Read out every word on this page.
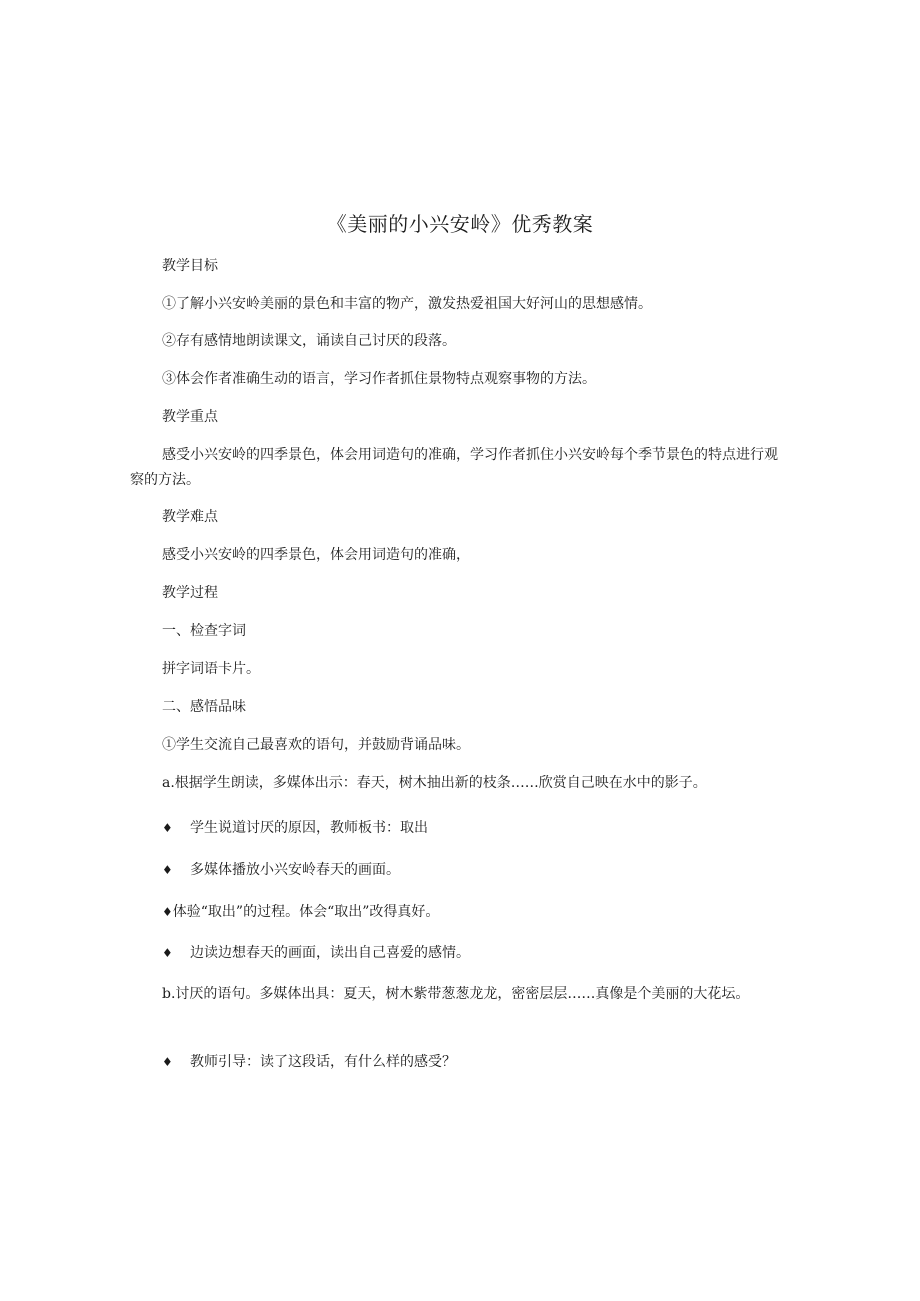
《美丽的小兴安岭》优秀教案

教学目标

①了解小兴安岭美丽的景色和丰富的物产，激发热爱祖国大好河山的思想感情。

②存有感情地朗读课文，诵读自己讨厌的段落。

③体会作者准确生动的语言，学习作者抓住景物特点观察事物的方法。

教学重点

感受小兴安岭的四季景色，体会用词造句的准确，学习作者抓住小兴安岭每个季节景色的特点进行观察的方法。

教学难点

感受小兴安岭的四季景色，体会用词造句的准确，

教学过程

一、检查字词

拼字词语卡片。

二、感悟品味

①学生交流自己最喜欢的语句，并鼓励背诵品味。

a.根据学生朗读，多媒体出示：春天，树木抽出新的枝条……欣赏自己映在水中的影子。

♦ 学生说道讨厌的原因，教师板书：取出

♦ 多媒体播放小兴安岭春天的画面。

♦体验“取出”的过程。体会“取出”改得真好。

♦ 边读边想春天的画面，读出自己喜爱的感情。

b.讨厌的语句。多媒体出具：夏天，树木紫带葱葱龙龙，密密层层……真像是个美丽的大花坛。

♦ 教师引导：读了这段话，有什么样的感受？
